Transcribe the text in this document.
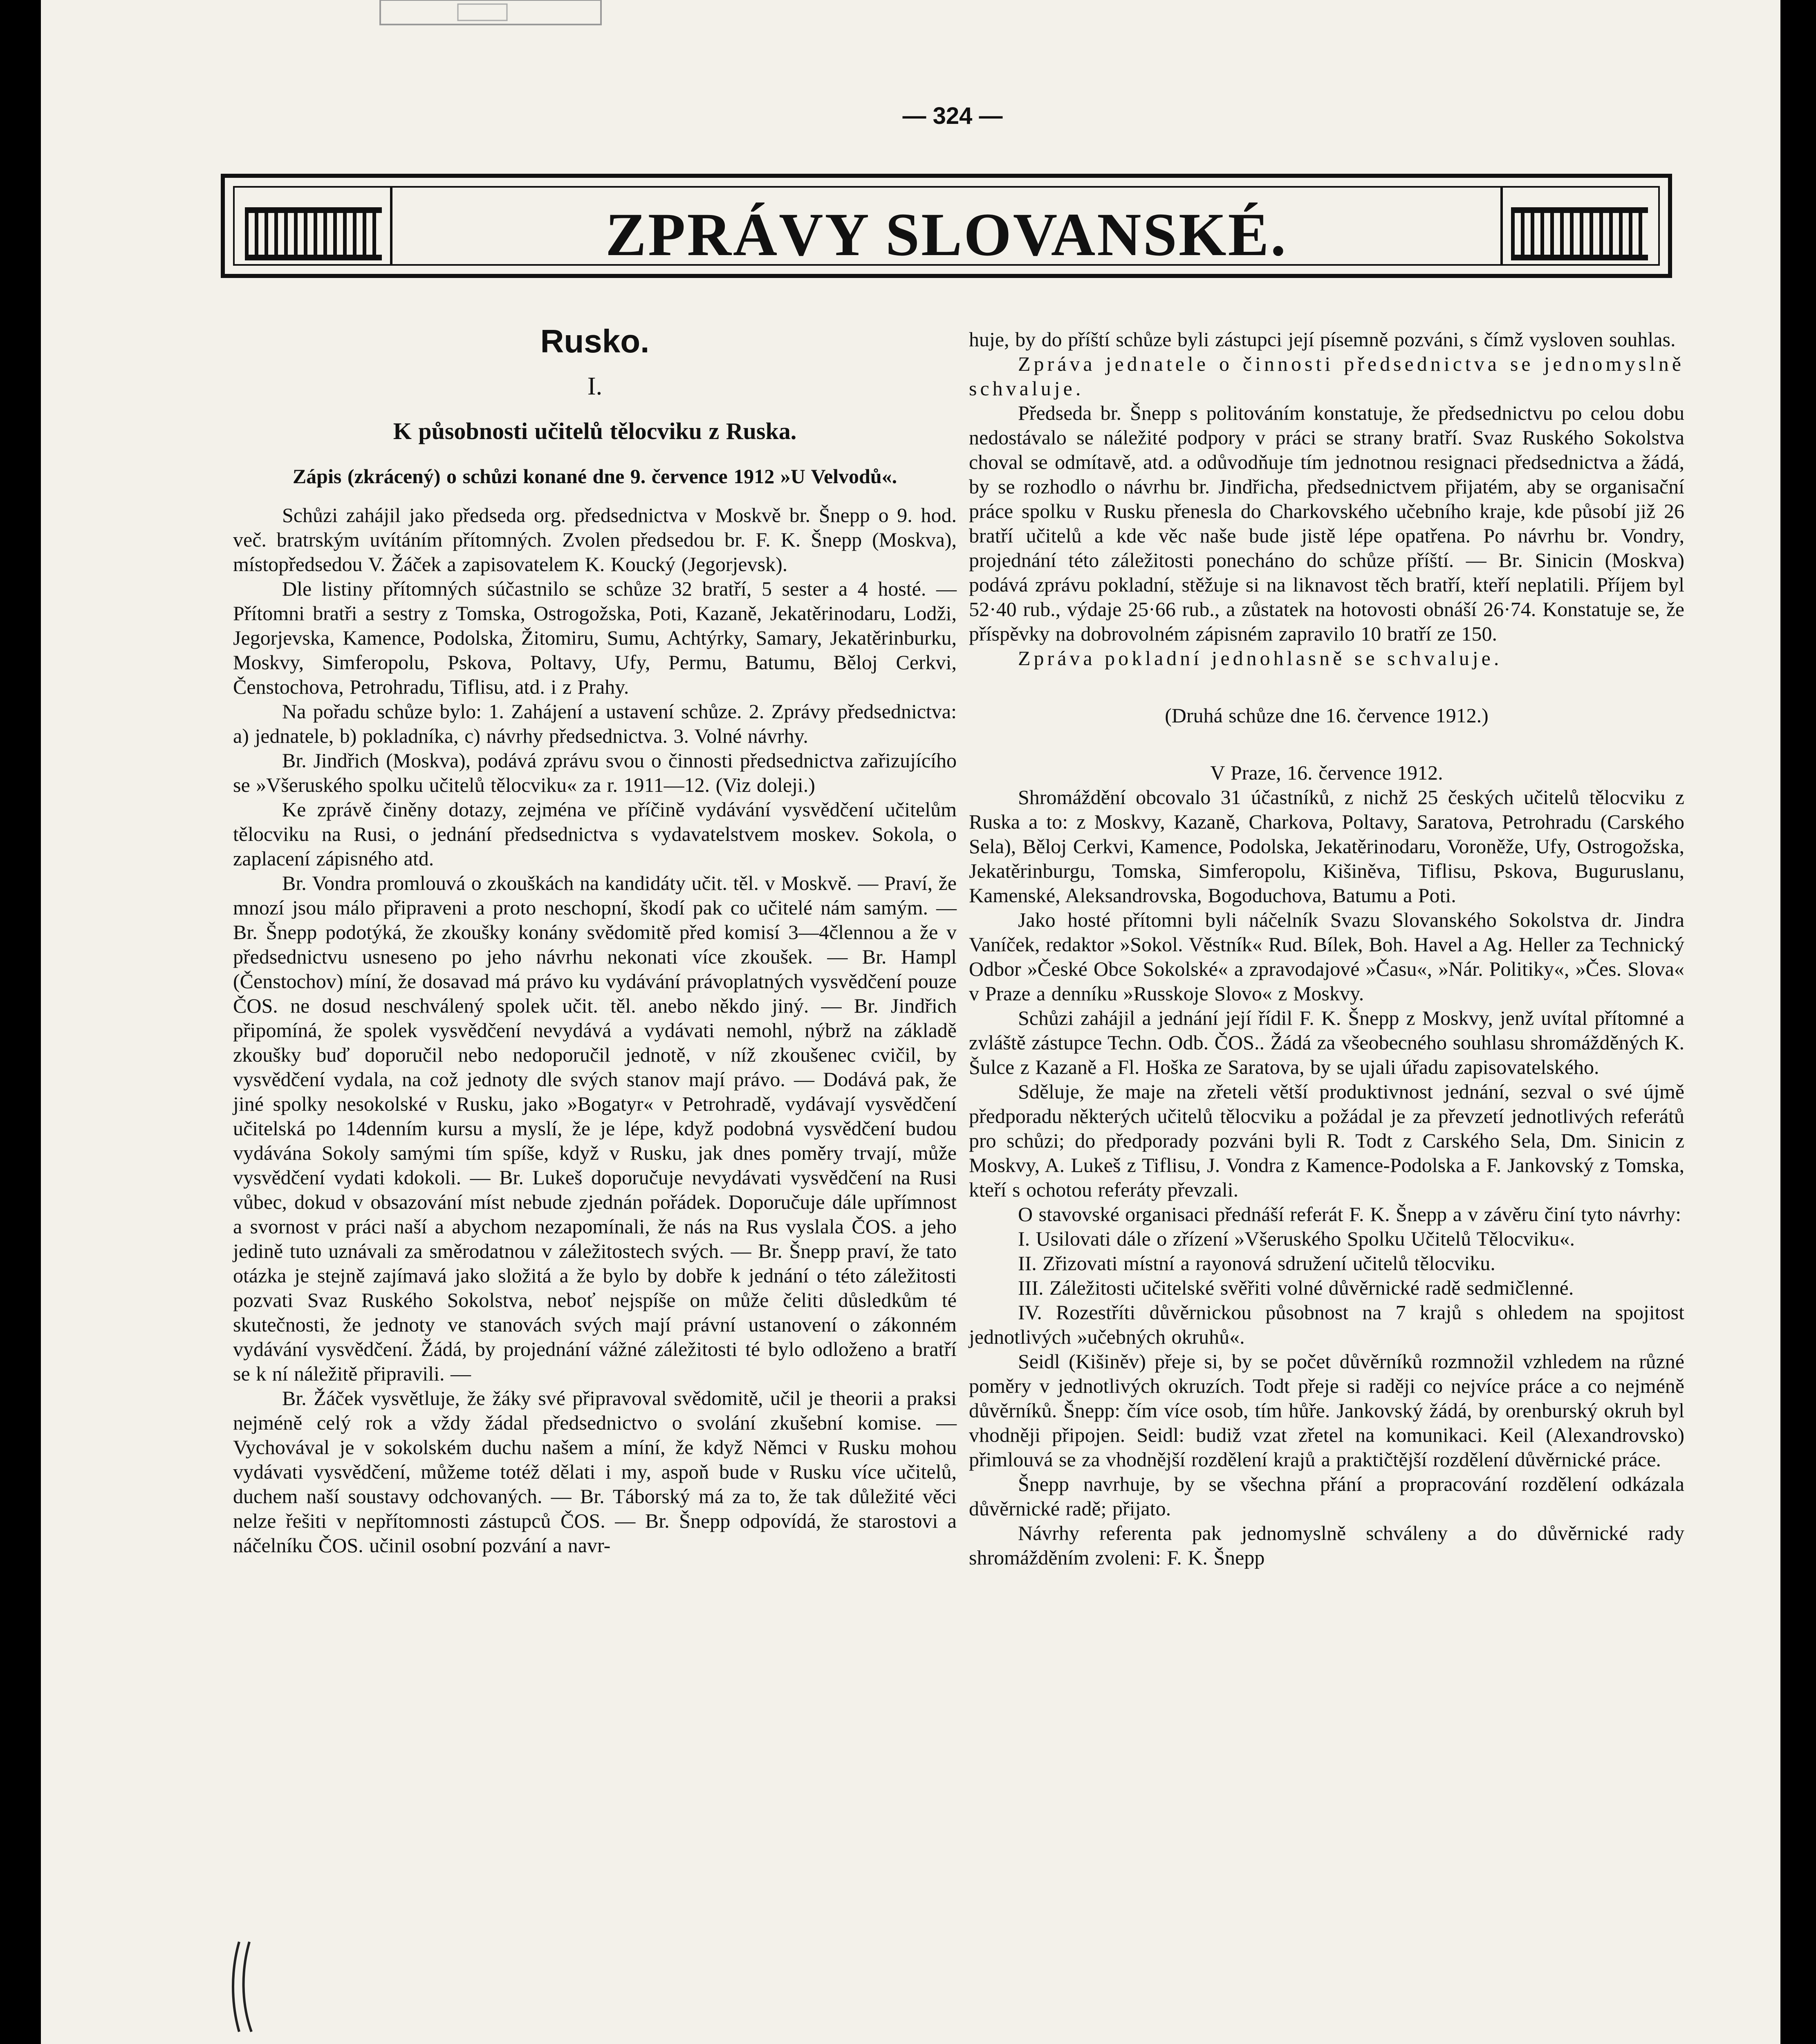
— 324 —
ZPRÁVY SLOVANSKÉ.
Rusko.
I.
K působnosti učitelů tělocviku z Ruska.
Zápis (zkrácený) o schůzi konané dne 9. července 1912 »U Velvodů«.

Schůzi zahájil jako předseda org. předsednictva v Moskvě br. Šnepp o 9. hod. več. bratrským uvítáním přítomných. Zvolen předsedou br. F. K. Šnepp (Moskva), místopředsedou V. Žáček a zapisovatelem K. Koucký (Jegorjevsk).

Dle listiny přítomných súčastnilo se schůze 32 bratří, 5 sester a 4 hosté. — Přítomni bratři a sestry z Tomska, Ostrogožska, Poti, Kazaně, Jekatěrinodaru, Lodži, Jegorjevska, Kamence, Podolska, Žitomiru, Sumu, Achtýrky, Samary, Jekatěrinburku, Moskvy, Simferopolu, Pskova, Poltavy, Ufy, Permu, Batumu, Běloj Cerkvi, Čenstochova, Petrohradu, Tiflisu, atd. i z Prahy.

Na pořadu schůze bylo: 1. Zahájení a ustavení schůze. 2. Zprávy předsednictva: a) jednatele, b) pokladníka, c) návrhy předsednictva. 3. Volné návrhy.

Br. Jindřich (Moskva), podává zprávu svou o činnosti předsednictva zařizujícího se »Všeruského spolku učitelů tělocviku« za r. 1911—12. (Viz doleji.)

Ke zprávě činěny dotazy, zejména ve příčině vydávání vysvědčení učitelům tělocviku na Rusi, o jednání předsednictva s vydavatelstvem moskev. Sokola, o zaplacení zápisného atd.

Br. Vondra promlouvá o zkouškách na kandidáty učit. těl. v Moskvě. — Praví, že mnozí jsou málo připraveni a proto neschopní, škodí pak co učitelé nám samým. — Br. Šnepp podotýká, že zkoušky konány svědomitě před komisí 3—4člennou a že v předsednictvu usneseno po jeho návrhu nekonati více zkoušek. — Br. Hampl (Čenstochov) míní, že dosavad má právo ku vydávání právoplatných vysvědčení pouze ČOS. ne dosud neschválený spolek učit. těl. anebo někdo jiný. — Br. Jindřich připomíná, že spolek vysvědčení nevydává a vydávati nemohl, nýbrž na základě zkoušky buď doporučil nebo nedoporučil jednotě, v níž zkoušenec cvičil, by vysvědčení vydala, na což jednoty dle svých stanov mají právo. — Dodává pak, že jiné spolky nesokolské v Rusku, jako »Bogatyr« v Petrohradě, vydávají vysvědčení učitelská po 14denním kursu a myslí, že je lépe, když podobná vysvědčení budou vydávána Sokoly samými tím spíše, když v Rusku, jak dnes poměry trvají, může vysvědčení vydati kdokoli. — Br. Lukeš doporučuje nevydávati vysvědčení na Rusi vůbec, dokud v obsazování míst nebude zjednán pořádek. Doporučuje dále upřímnost a svornost v práci naší a abychom nezapomínali, že nás na Rus vyslala ČOS. a jeho jedině tuto uznávali za směrodatnou v záležitostech svých. — Br. Šnepp praví, že tato otázka je stejně zajímavá jako složitá a že bylo by dobře k jednání o této záležitosti pozvati Svaz Ruského Sokolstva, neboť nejspíše on může čeliti důsledkům té skutečnosti, že jednoty ve stanovách svých mají právní ustanovení o zákonném vydávání vysvědčení. Žádá, by projednání vážné záležitosti té bylo odloženo a bratří se k ní náležitě připravili. —

Br. Žáček vysvětluje, že žáky své připravoval svědomitě, učil je theorii a praksi nejméně celý rok a vždy žádal předsednictvo o svolání zkušební komise. — Vychovával je v sokolském duchu našem a míní, že když Němci v Rusku mohou vydávati vysvědčení, můžeme totéž dělati i my, aspoň bude v Rusku více učitelů, duchem naší soustavy odchovaných. — Br. Táborský má za to, že tak důležité věci nelze řešiti v nepřítomnosti zástupců ČOS. — Br. Šnepp odpovídá, že starostovi a náčelníku ČOS. učinil osobní pozvání a navr-

huje, by do příští schůze byli zástupci její písemně pozváni, s čímž vysloven souhlas.

Zpráva jednatele o činnosti předsednictva se jednomyslně schvaluje.

Předseda br. Šnepp s politováním konstatuje, že předsednictvu po celou dobu nedostávalo se náležité podpory v práci se strany bratří. Svaz Ruského Sokolstva choval se odmítavě, atd. a odůvodňuje tím jednotnou resignaci předsednictva a žádá, by se rozhodlo o návrhu br. Jindřicha, předsednictvem přijatém, aby se organisační práce spolku v Rusku přenesla do Charkovského učebního kraje, kde působí již 26 bratří učitelů a kde věc naše bude jistě lépe opatřena. Po návrhu br. Vondry, projednání této záležitosti ponecháno do schůze příští. — Br. Sinicin (Moskva) podává zprávu pokladní, stěžuje si na liknavost těch bratří, kteří neplatili. Příjem byl 52·40 rub., výdaje 25·66 rub., a zůstatek na hotovosti obnáší 26·74. Konstatuje se, že příspěvky na dobrovolném zápisném zapravilo 10 bratří ze 150.

Zpráva pokladní jednohlasně se schvaluje.

(Druhá schůze dne 16. července 1912.)

V Praze, 16. července 1912.

Shromáždění obcovalo 31 účastníků, z nichž 25 českých učitelů tělocviku z Ruska a to: z Moskvy, Kazaně, Charkova, Poltavy, Saratova, Petrohradu (Carského Sela), Běloj Cerkvi, Kamence, Podolska, Jekatěrinodaru, Voroněže, Ufy, Ostrogožska, Jekatěrinburgu, Tomska, Simferopolu, Kišiněva, Tiflisu, Pskova, Buguruslanu, Kamenské, Aleksandrovska, Bogoduchova, Batumu a Poti.

Jako hosté přítomni byli náčelník Svazu Slovanského Sokolstva dr. Jindra Vaníček, redaktor »Sokol. Věstník« Rud. Bílek, Boh. Havel a Ag. Heller za Technický Odbor »České Obce Sokolské« a zpravodajové »Času«, »Nár. Politiky«, »Čes. Slova« v Praze a denníku »Russkoje Slovo« z Moskvy.

Schůzi zahájil a jednání její řídil F. K. Šnepp z Moskvy, jenž uvítal přítomné a zvláště zástupce Techn. Odb. ČOS.. Žádá za všeobecného souhlasu shromážděných K. Šulce z Kazaně a Fl. Hoška ze Saratova, by se ujali úřadu zapisovatelského.

Sděluje, že maje na zřeteli větší produktivnost jednání, sezval o své újmě předporadu některých učitelů tělocviku a požádal je za převzetí jednotlivých referátů pro schůzi; do předporady pozváni byli R. Todt z Carského Sela, Dm. Sinicin z Moskvy, A. Lukeš z Tiflisu, J. Vondra z Kamence-Podolska a F. Jankovský z Tomska, kteří s ochotou referáty převzali.

O stavovské organisaci přednáší referát F. K. Šnepp a v závěru činí tyto návrhy:

I. Usilovati dále o zřízení »Všeruského Spolku Učitelů Tělocviku«.

II. Zřizovati místní a rayonová sdružení učitelů tělocviku.

III. Záležitosti učitelské svěřiti volné důvěrnické radě sedmičlenné.

IV. Rozestříti důvěrnickou působnost na 7 krajů s ohledem na spojitost jednotlivých »učebných okruhů«.

Seidl (Kišiněv) přeje si, by se počet důvěrníků rozmnožil vzhledem na různé poměry v jednotlivých okruzích. Todt přeje si raději co nejvíce práce a co nejméně důvěrníků. Šnepp: čím více osob, tím hůře. Jankovský žádá, by orenburský okruh byl vhodněji připojen. Seidl: budiž vzat zřetel na komunikaci. Keil (Alexandrovsko) přimlouvá se za vhodnější rozdělení krajů a praktičtější rozdělení důvěrnické práce.

Šnepp navrhuje, by se všechna přání a propracování rozdělení odkázala důvěrnické radě; přijato.

Návrhy referenta pak jednomyslně schváleny a do důvěrnické rady shromážděním zvoleni: F. K. Šnepp
